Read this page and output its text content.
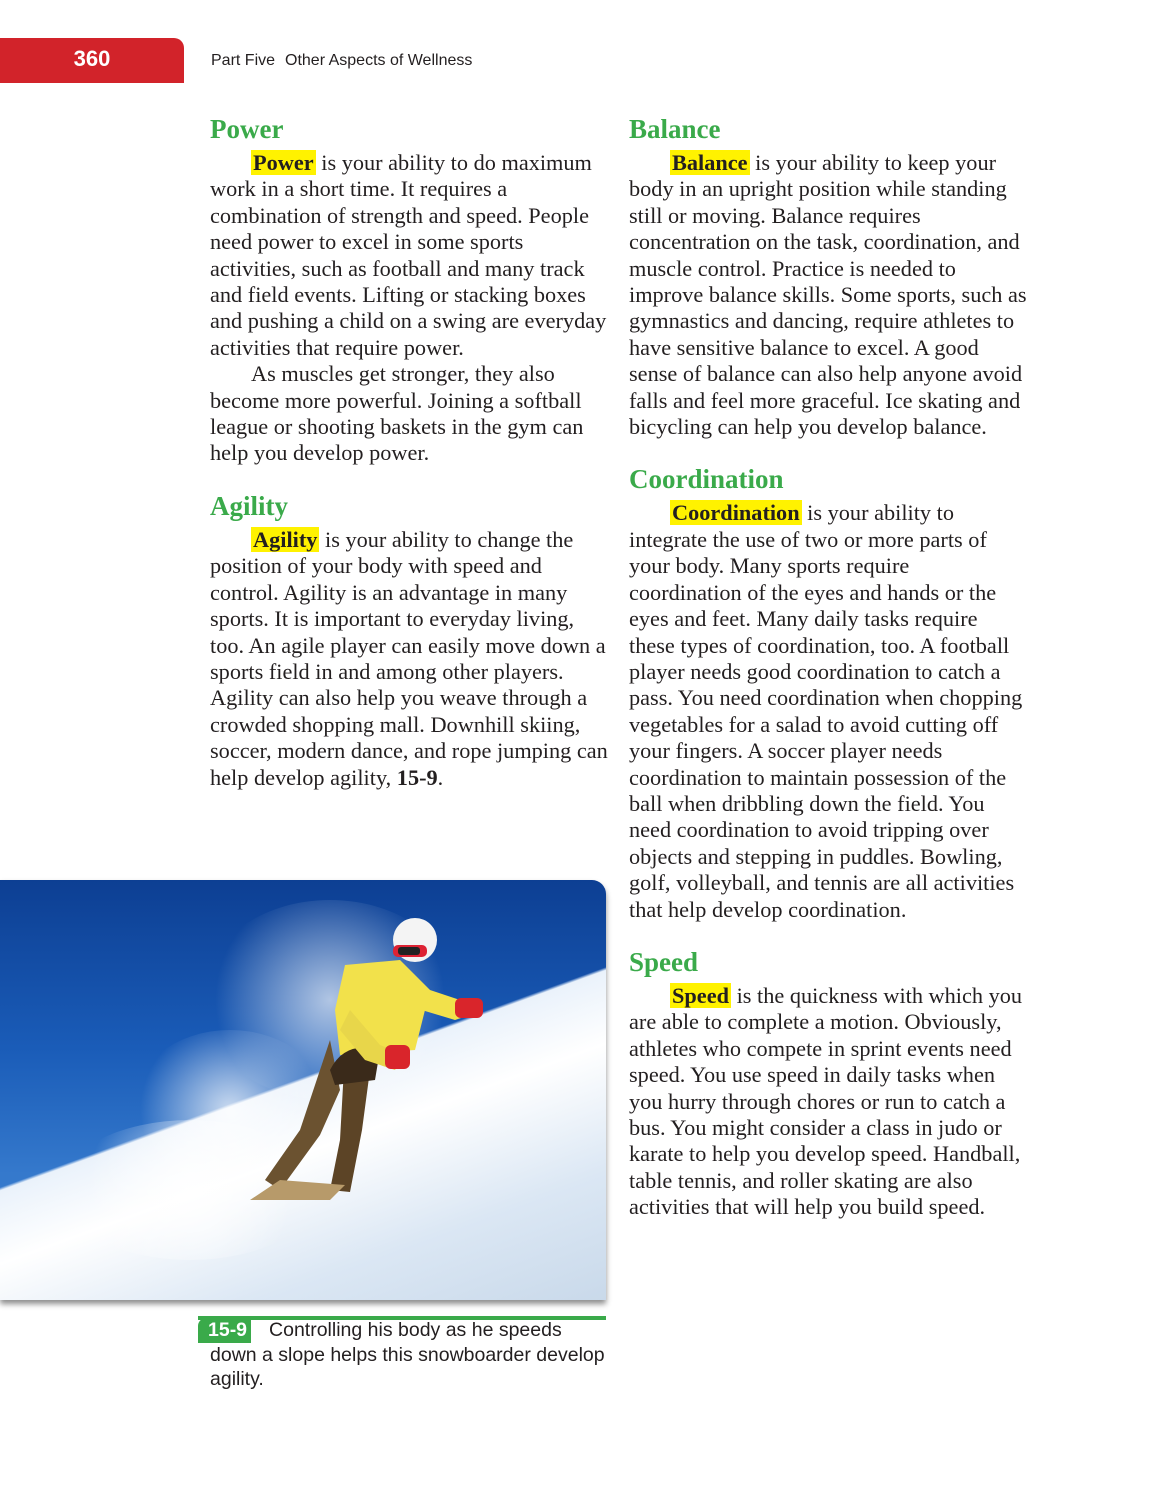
360	Part Five Other Aspects of Wellness
Power

Power is your ability to do maximum work in a short time. It requires a combination of strength and speed. People need power to excel in some sports activities, such as football and many track and field events. Lifting or stacking boxes and pushing a child on a swing are everyday activities that require power.

As muscles get stronger, they also become more powerful. Joining a softball league or shooting baskets in the gym can help you develop power.

Agility

Agility is your ability to change the position of your body with speed and control. Agility is an advantage in many sports. It is important to everyday living, too. An agile player can easily move down a sports field in and among other players. Agility can also help you weave through a crowded shopping mall. Downhill skiing, soccer, modern dance, and rope jumping can help develop agility, 15-9.

Balance

Balance is your ability to keep your body in an upright position while standing still or moving. Balance requires concentration on the task, coordination, and muscle control. Practice is needed to improve balance skills. Some sports, such as gymnastics and dancing, require athletes to have sensitive balance to excel. A good sense of balance can also help anyone avoid falls and feel more graceful. Ice skating and bicycling can help you develop balance.

Coordination

Coordination is your ability to integrate the use of two or more parts of your body. Many sports require coordination of the eyes and hands or the eyes and feet. Many daily tasks require these types of coordination, too. A football player needs good coordination to catch a pass. You need coordination when chopping vegetables for a salad to avoid cutting off your fingers. A soccer player needs coordination to maintain possession of the ball when dribbling down the field. You need coordination to avoid tripping over objects and stepping in puddles. Bowling, golf, volleyball, and tennis are all activities that help develop coordination.

Speed

Speed is the quickness with which you are able to complete a motion. Obviously, athletes who compete in sprint events need speed. You use speed in daily tasks when you hurry through chores or run to catch a bus. You might consider a class in judo or karate to help you develop speed. Handball, table tennis, and roller skating are also activities that will help you build speed.

15-9 Controlling his body as he speeds down a slope helps this snowboarder develop agility.
